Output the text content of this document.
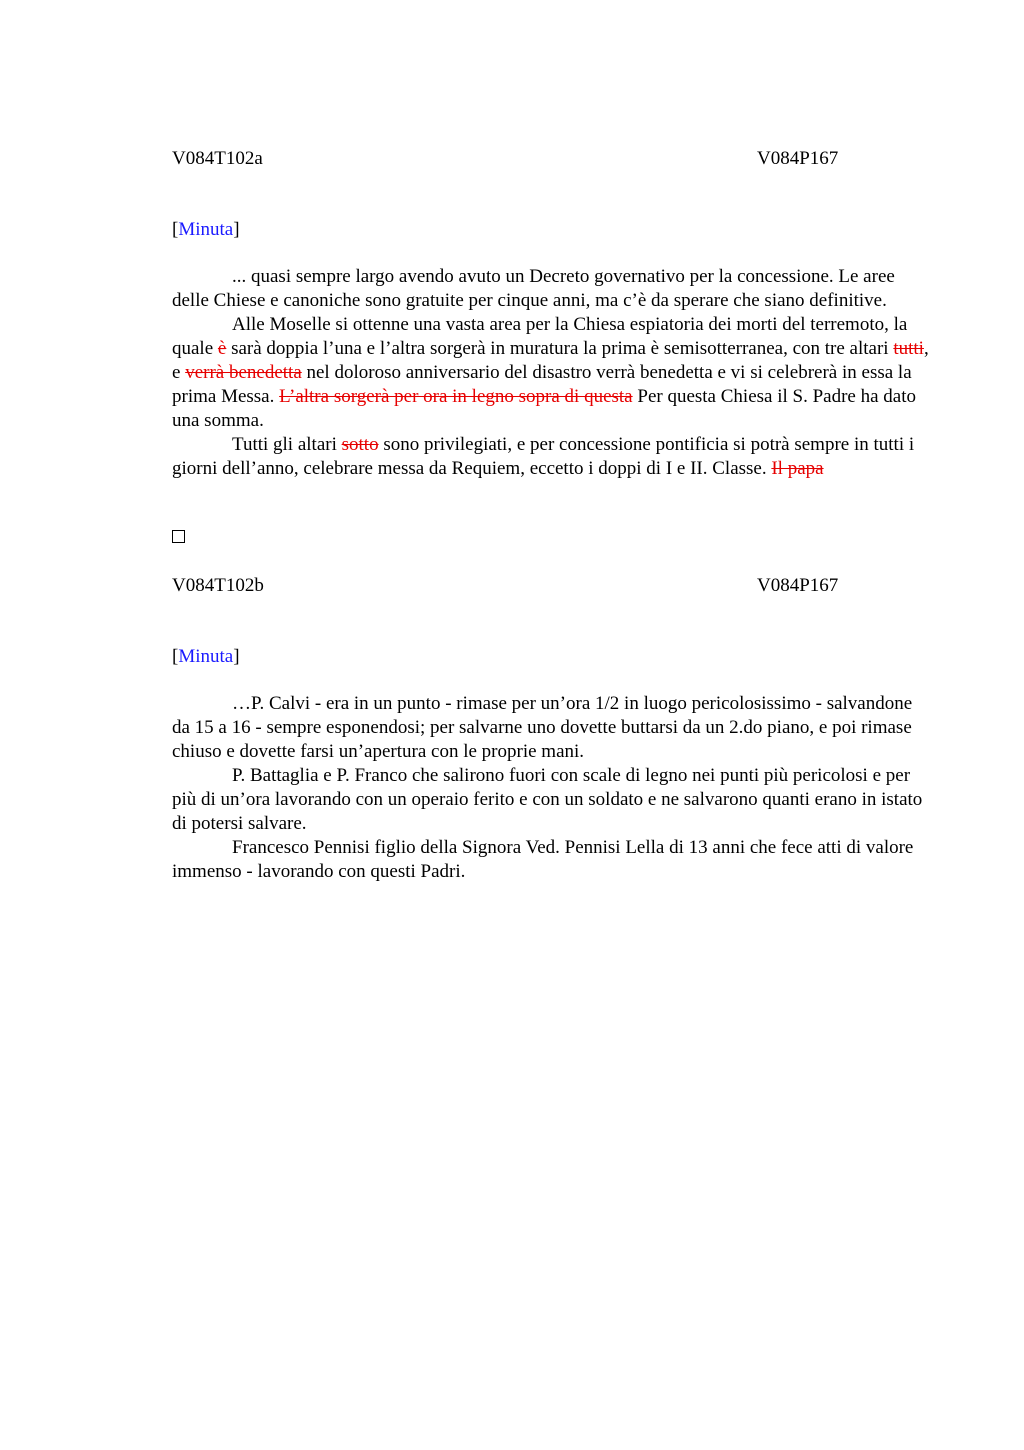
V084T102a	V084P167
[Minuta]

... quasi sempre largo avendo avuto un Decreto governativo per la concessione. Le aree delle Chiese e canoniche sono gratuite per cinque anni, ma c’è da sperare che siano definitive.

Alle Moselle si ottenne una vasta area per la Chiesa espiatoria dei morti del terremoto, la quale è sarà doppia l’una e l’altra sorgerà in muratura la prima è semisotterranea, con tre altari tutti, e verrà benedetta nel doloroso anniversario del disastro verrà benedetta e vi si celebrerà in essa la prima Messa. L’altra sorgerà per ora in legno sopra di questa Per questa Chiesa il S. Padre ha dato una somma.

Tutti gli altari sotto sono privilegiati, e per concessione pontificia si potrà sempre in tutti i giorni dell’anno, celebrare messa da Requiem, eccetto i doppi di I e II. Classe. Il papa

V084T102b	V084P167
[Minuta]

…P. Calvi - era in un punto - rimase per un’ora 1/2 in luogo pericolosissimo - salvandone da 15 a 16 - sempre esponendosi; per salvarne uno dovette buttarsi da un 2.do piano, e poi rimase chiuso e dovette farsi un’apertura con le proprie mani.

P. Battaglia e P. Franco che salirono fuori con scale di legno nei punti più pericolosi e per più di un’ora lavorando con un operaio ferito e con un soldato e ne salvarono quanti erano in istato di potersi salvare.

Francesco Pennisi figlio della Signora Ved. Pennisi Lella di 13 anni che fece atti di valore immenso - lavorando con questi Padri.
